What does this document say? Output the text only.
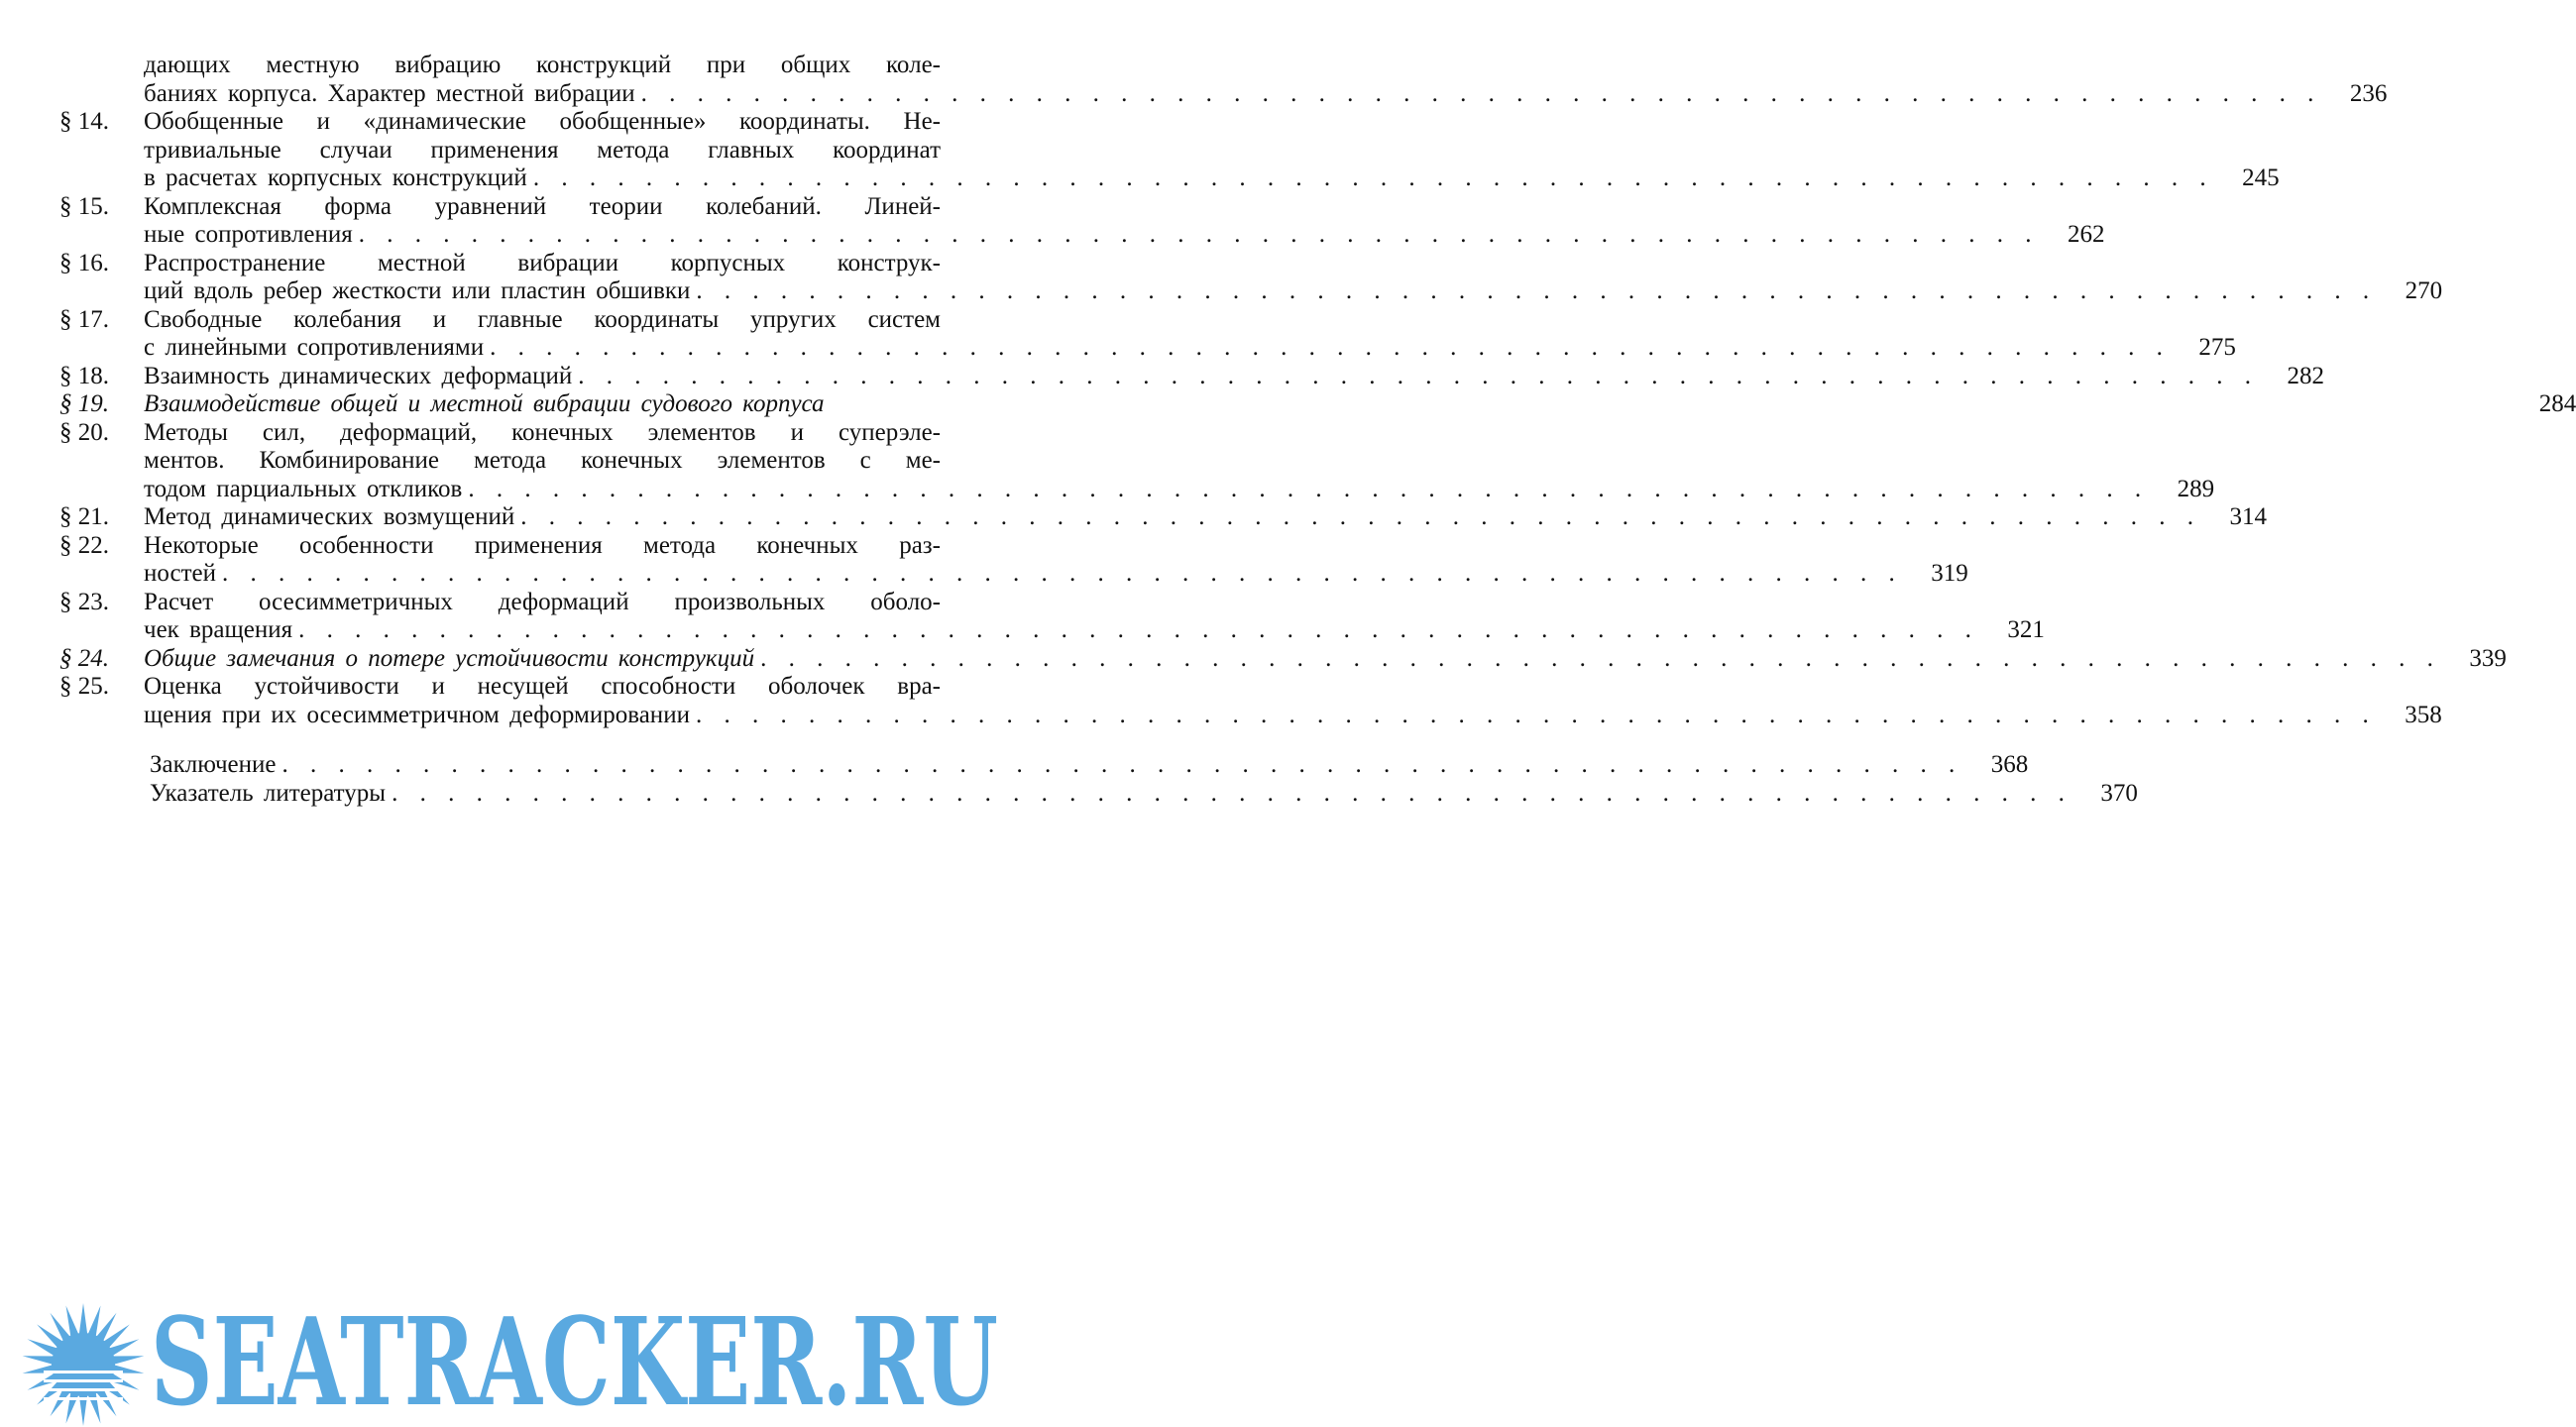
дающих местную вибрацию конструкций при общих коле-
баниях корпуса. Характер местной вибрации . . .	236
§ 14.	Обобщенные и «динамические обобщенные» координаты. Не-
тривиальные случаи применения метода главных координат
в расчетах корпусных конструкций . . .	245
§ 15.	Комплексная форма уравнений теории колебаний. Линей-
ные сопротивления . . .	262
§ 16.	Распространение местной вибрации корпусных конструк-
ций вдоль ребер жесткости или пластин обшивки . . .	270
§ 17.	Свободные колебания и главные координаты упругих систем
с линейными сопротивлениями . . .	275
§ 18.	Взаимность динамических деформаций . . .	282
§ 19.	Взаимодействие общей и местной вибрации судового корпуса	284
§ 20.	Методы сил, деформаций, конечных элементов и суперэле-
ментов. Комбинирование метода конечных элементов с ме-
тодом парциальных откликов . . .	289
§ 21.	Метод динамических возмущений . . .	314
§ 22.	Некоторые особенности применения метода конечных раз-
ностей . . .	319
§ 23.	Расчет осесимметричных деформаций произвольных оболо-
чек вращения . . .	321
§ 24.	Общие замечания о потере устойчивости конструкций . . .	339
§ 25.	Оценка устойчивости и несущей способности оболочек вра-
щения при их осесимметричном деформировании . . .	358
Заключение . . .	368
Указатель литературы . . .	370
SEATRACKER.RU
